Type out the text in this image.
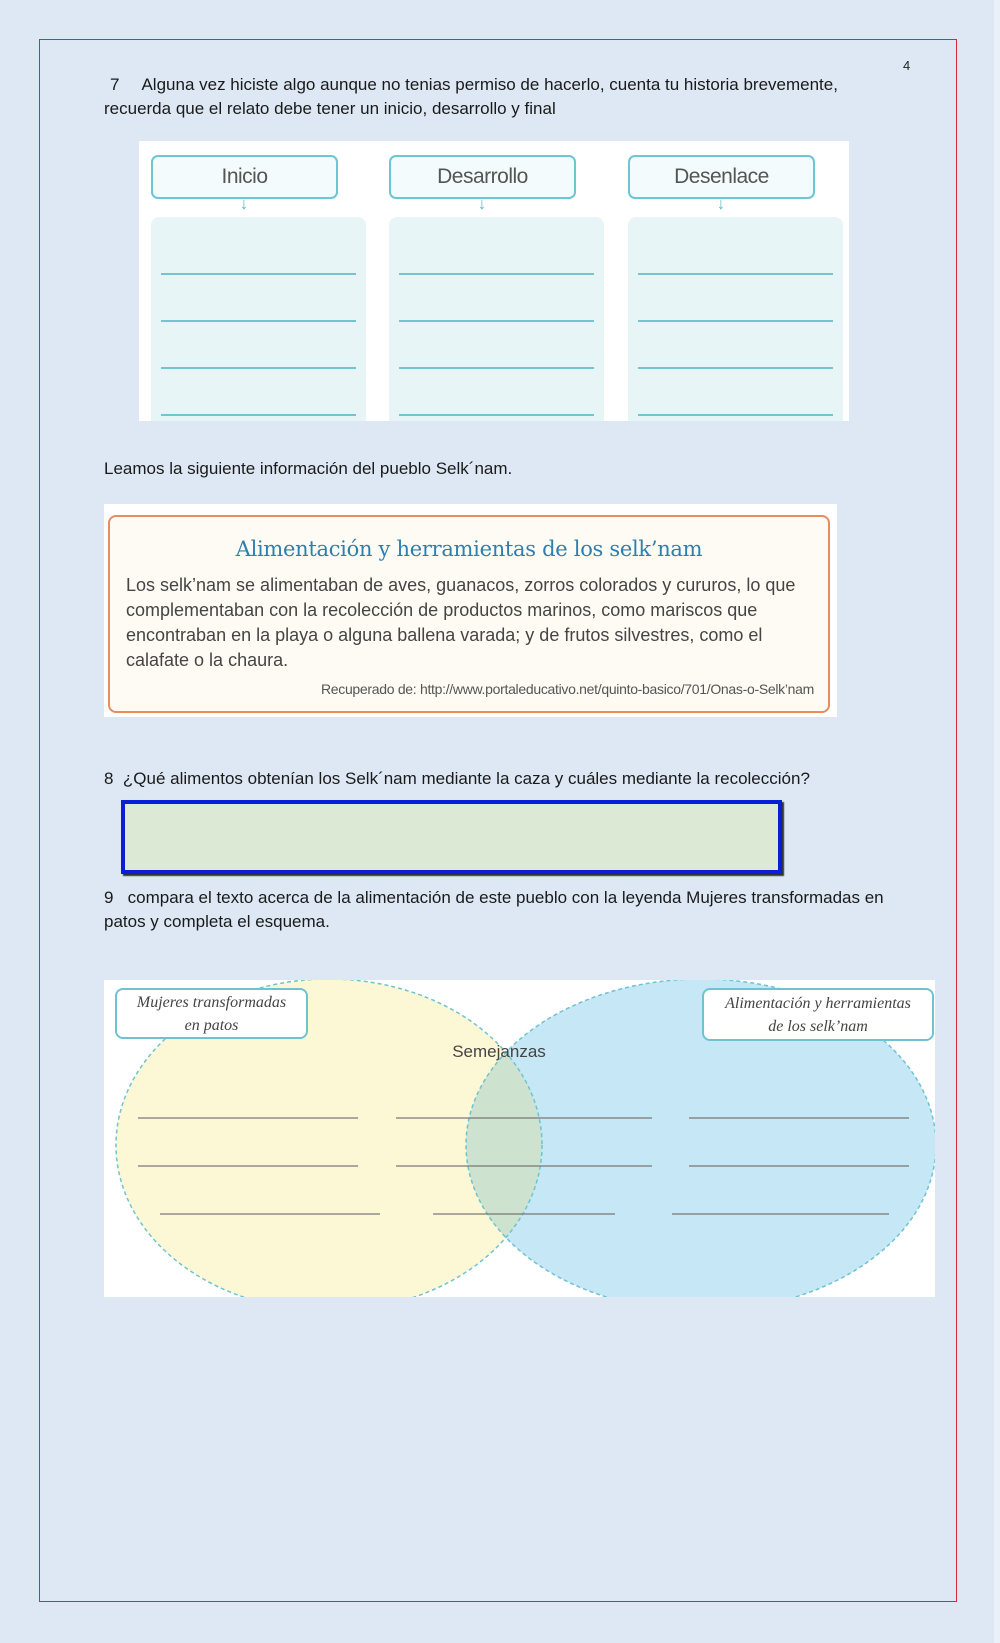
4
7 Alguna vez hiciste algo aunque no tenias permiso de hacerlo, cuenta tu historia brevemente,
recuerda que el relato debe tener un inicio, desarrollo y final
Inicio
↓
Desarrollo
↓
Desenlace
↓
Leamos la siguiente información del pueblo Selk´nam.
Alimentación y herramientas de los selk’nam
Los selk’nam se alimentaban de aves, guanacos, zorros colorados y cururos, lo que complementaban con la recolección de productos marinos, como mariscos que encontraban en la playa o alguna ballena varada; y de frutos silvestres, como el calafate o la chaura.
Recuperado de: http://www.portaleducativo.net/quinto-basico/701/Onas-o-Selk’nam
8 ¿Qué alimentos obtenían los Selk´nam mediante la caza y cuáles mediante la recolección?
9 compara el texto acerca de la alimentación de este pueblo con la leyenda Mujeres transformadas en
patos y completa el esquema.
Mujeres transformadas
en patos
Alimentación y herramientas
de los selk’nam
Semejanzas
